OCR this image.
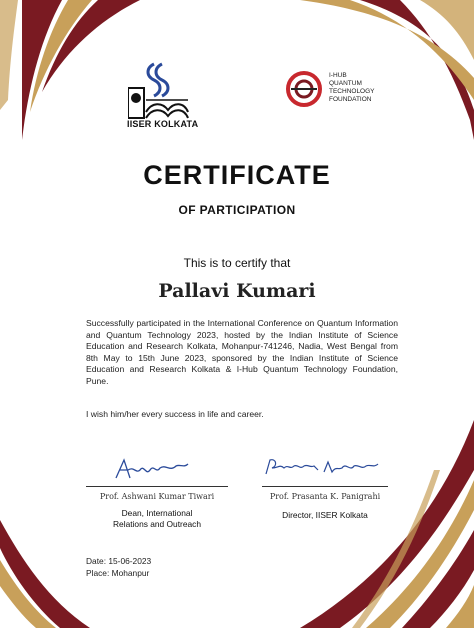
IISER KOLKATA
I-HUB
QUANTUM
TECHNOLOGY
FOUNDATION
CERTIFICATE
OF PARTICIPATION
This is to certify that
Pallavi Kumari
Successfully participated in the International Conference on Quantum Information and Quantum Technology 2023, hosted by the Indian Institute of Science Education and Research Kolkata, Mohanpur-741246, Nadia, West Bengal from 8th May to 15th June 2023, sponsored by the Indian Institute of Science Education and Research Kolkata & I-Hub Quantum Technology Foundation, Pune.
I wish him/her every success in life and career.
Prof. Ashwani Kumar Tiwari
Dean, International
Relations and Outreach
Prof. Prasanta K. Panigrahi
Director, IISER Kolkata
Date: 15-06-2023
Place: Mohanpur
